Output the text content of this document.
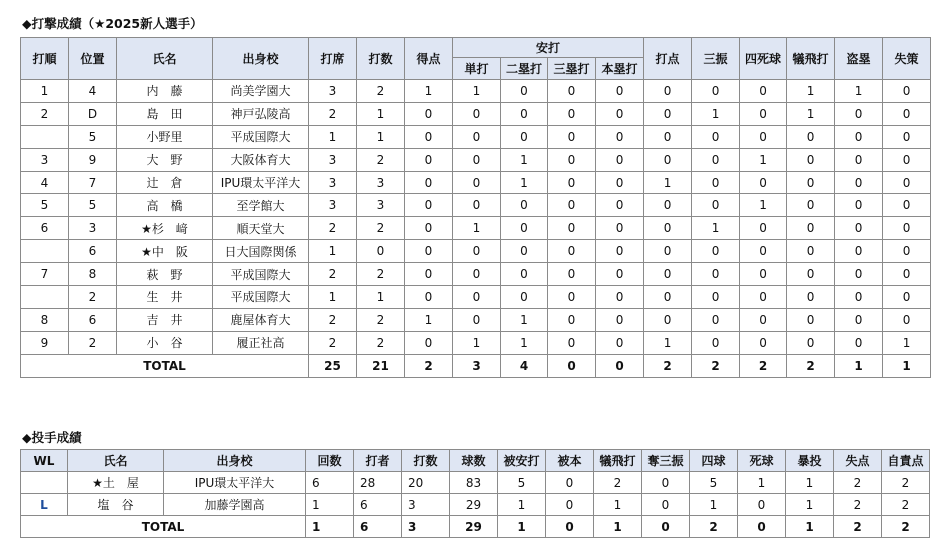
◆打撃成績（★2025新人選手）
打順	位置	氏名	出身校	打席	打数	得点	安打				打点	三振	四死球	犠飛打	盗塁	失策
							単打	二塁打	三塁打	本塁打						
1	4	内　藤	尚美学園大	3	2	1	1	0	0	0	0	0	0	1	1	0
2	D	島　田	神戸弘陵高	2	1	0	0	0	0	0	0	1	0	1	0	0
	5	小野里	平成国際大	1	1	0	0	0	0	0	0	0	0	0	0	0
3	9	大　野	大阪体育大	3	2	0	0	1	0	0	0	0	1	0	0	0
4	7	辻　倉	IPU環太平洋大	3	3	0	0	1	0	0	1	0	0	0	0	0
5	5	高　橋	至学館大	3	3	0	0	0	0	0	0	0	1	0	0	0
6	3	★杉　﨑	順天堂大	2	2	0	1	0	0	0	0	1	0	0	0	0
	6	★中　阪	日大国際関係	1	0	0	0	0	0	0	0	0	0	0	0	0
7	8	萩　野	平成国際大	2	2	0	0	0	0	0	0	0	0	0	0	0
	2	生　井	平成国際大	1	1	0	0	0	0	0	0	0	0	0	0	0
8	6	吉　井	鹿屋体育大	2	2	1	0	1	0	0	0	0	0	0	0	0
9	2	小　谷	履正社高	2	2	0	1	1	0	0	1	0	0	0	0	1
TOTAL				25	21	2	3	4	0	0	2	2	2	2	1	1
◆投手成績
WL	氏名	出身校	回数	打者	打数	球数	被安打	被本	犠飛打	奪三振	四球	死球	暴投	失点	自責点
	★土　屋	IPU環太平洋大	6	28	20	83	5	0	2	0	5	1	1	2	2
L	塩　谷	加藤学園高	1	6	3	29	1	0	1	0	1	0	1	2	2
TOTAL			1	6	3	29	1	0	1	0	2	0	1	2	2
